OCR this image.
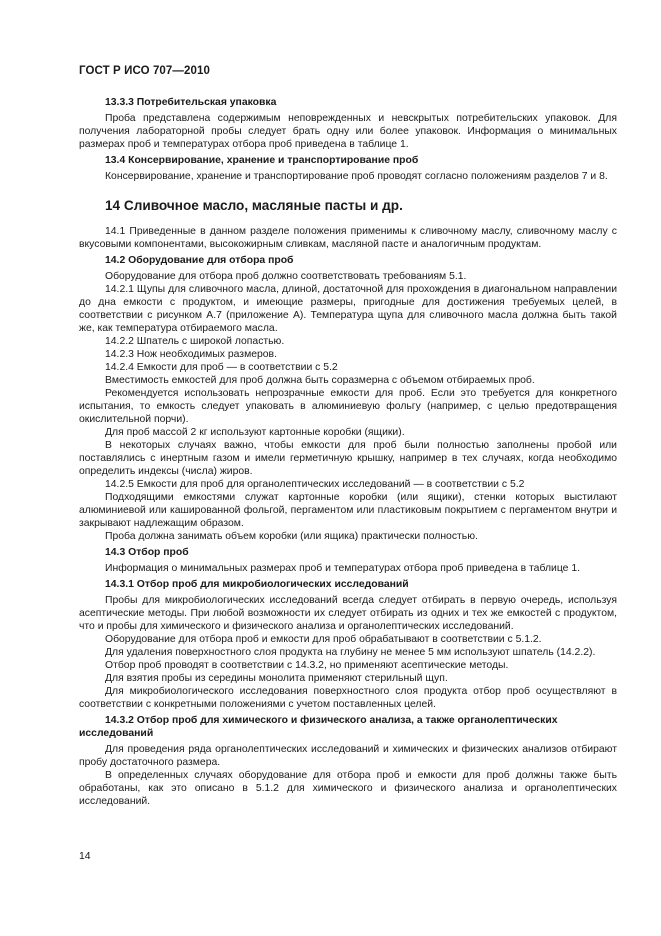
ГОСТ Р ИСО 707—2010
13.3.3 Потребительская упаковка

Проба представлена содержимым неповрежденных и невскрытых потребительских упаковок. Для получения лабораторной пробы следует брать одну или более упаковок. Информация о минимальных размерах проб и температурах отбора проб приведена в таблице 1.

13.4 Консервирование, хранение и транспортирование проб

Консервирование, хранение и транспортирование проб проводят согласно положениям разделов 7 и 8.

14 Сливочное масло, масляные пасты и др.

14.1 Приведенные в данном разделе положения применимы к сливочному маслу, сливочному маслу с вкусовыми компонентами, высокожирным сливкам, масляной пасте и аналогичным продуктам.

14.2 Оборудование для отбора проб

Оборудование для отбора проб должно соответствовать требованиям 5.1.

14.2.1 Щупы для сливочного масла, длиной, достаточной для прохождения в диагональном направлении до дна емкости с продуктом, и имеющие размеры, пригодные для достижения требуемых целей, в соответствии с рисунком А.7 (приложение А). Температура щупа для сливочного масла должна быть такой же, как температура отбираемого масла.

14.2.2 Шпатель с широкой лопастью.

14.2.3 Нож необходимых размеров.

14.2.4 Емкости для проб — в соответствии с 5.2

Вместимость емкостей для проб должна быть соразмерна с объемом отбираемых проб.

Рекомендуется использовать непрозрачные емкости для проб. Если это требуется для конкретного испытания, то емкость следует упаковать в алюминиевую фольгу (например, с целью предотвращения окислительной порчи).

Для проб массой 2 кг используют картонные коробки (ящики).

В некоторых случаях важно, чтобы емкости для проб были полностью заполнены пробой или поставлялись с инертным газом и имели герметичную крышку, например в тех случаях, когда необходимо определить индексы (числа) жиров.

14.2.5 Емкости для проб для органолептических исследований — в соответствии с 5.2

Подходящими емкостями служат картонные коробки (или ящики), стенки которых выстилают алюминиевой или кашированной фольгой, пергаментом или пластиковым покрытием с пергаментом внутри и закрывают надлежащим образом.

Проба должна занимать объем коробки (или ящика) практически полностью.

14.3 Отбор проб

Информация о минимальных размерах проб и температурах отбора проб приведена в таблице 1.

14.3.1 Отбор проб для микробиологических исследований

Пробы для микробиологических исследований всегда следует отбирать в первую очередь, используя асептические методы. При любой возможности их следует отбирать из одних и тех же емкостей с продуктом, что и пробы для химического и физического анализа и органолептических исследований.

Оборудование для отбора проб и емкости для проб обрабатывают в соответствии с 5.1.2.

Для удаления поверхностного слоя продукта на глубину не менее 5 мм используют шпатель (14.2.2).

Отбор проб проводят в соответствии с 14.3.2, но применяют асептические методы.

Для взятия пробы из середины монолита применяют стерильный щуп.

Для микробиологического исследования поверхностного слоя продукта отбор проб осуществляют в соответствии с конкретными положениями с учетом поставленных целей.

14.3.2 Отбор проб для химического и физического анализа, а также органолептических исследований

Для проведения ряда органолептических исследований и химических и физических анализов отбирают пробу достаточного размера.

В определенных случаях оборудование для отбора проб и емкости для проб должны также быть обработаны, как это описано в 5.1.2 для химического и физического анализа и органолептических исследований.

14
